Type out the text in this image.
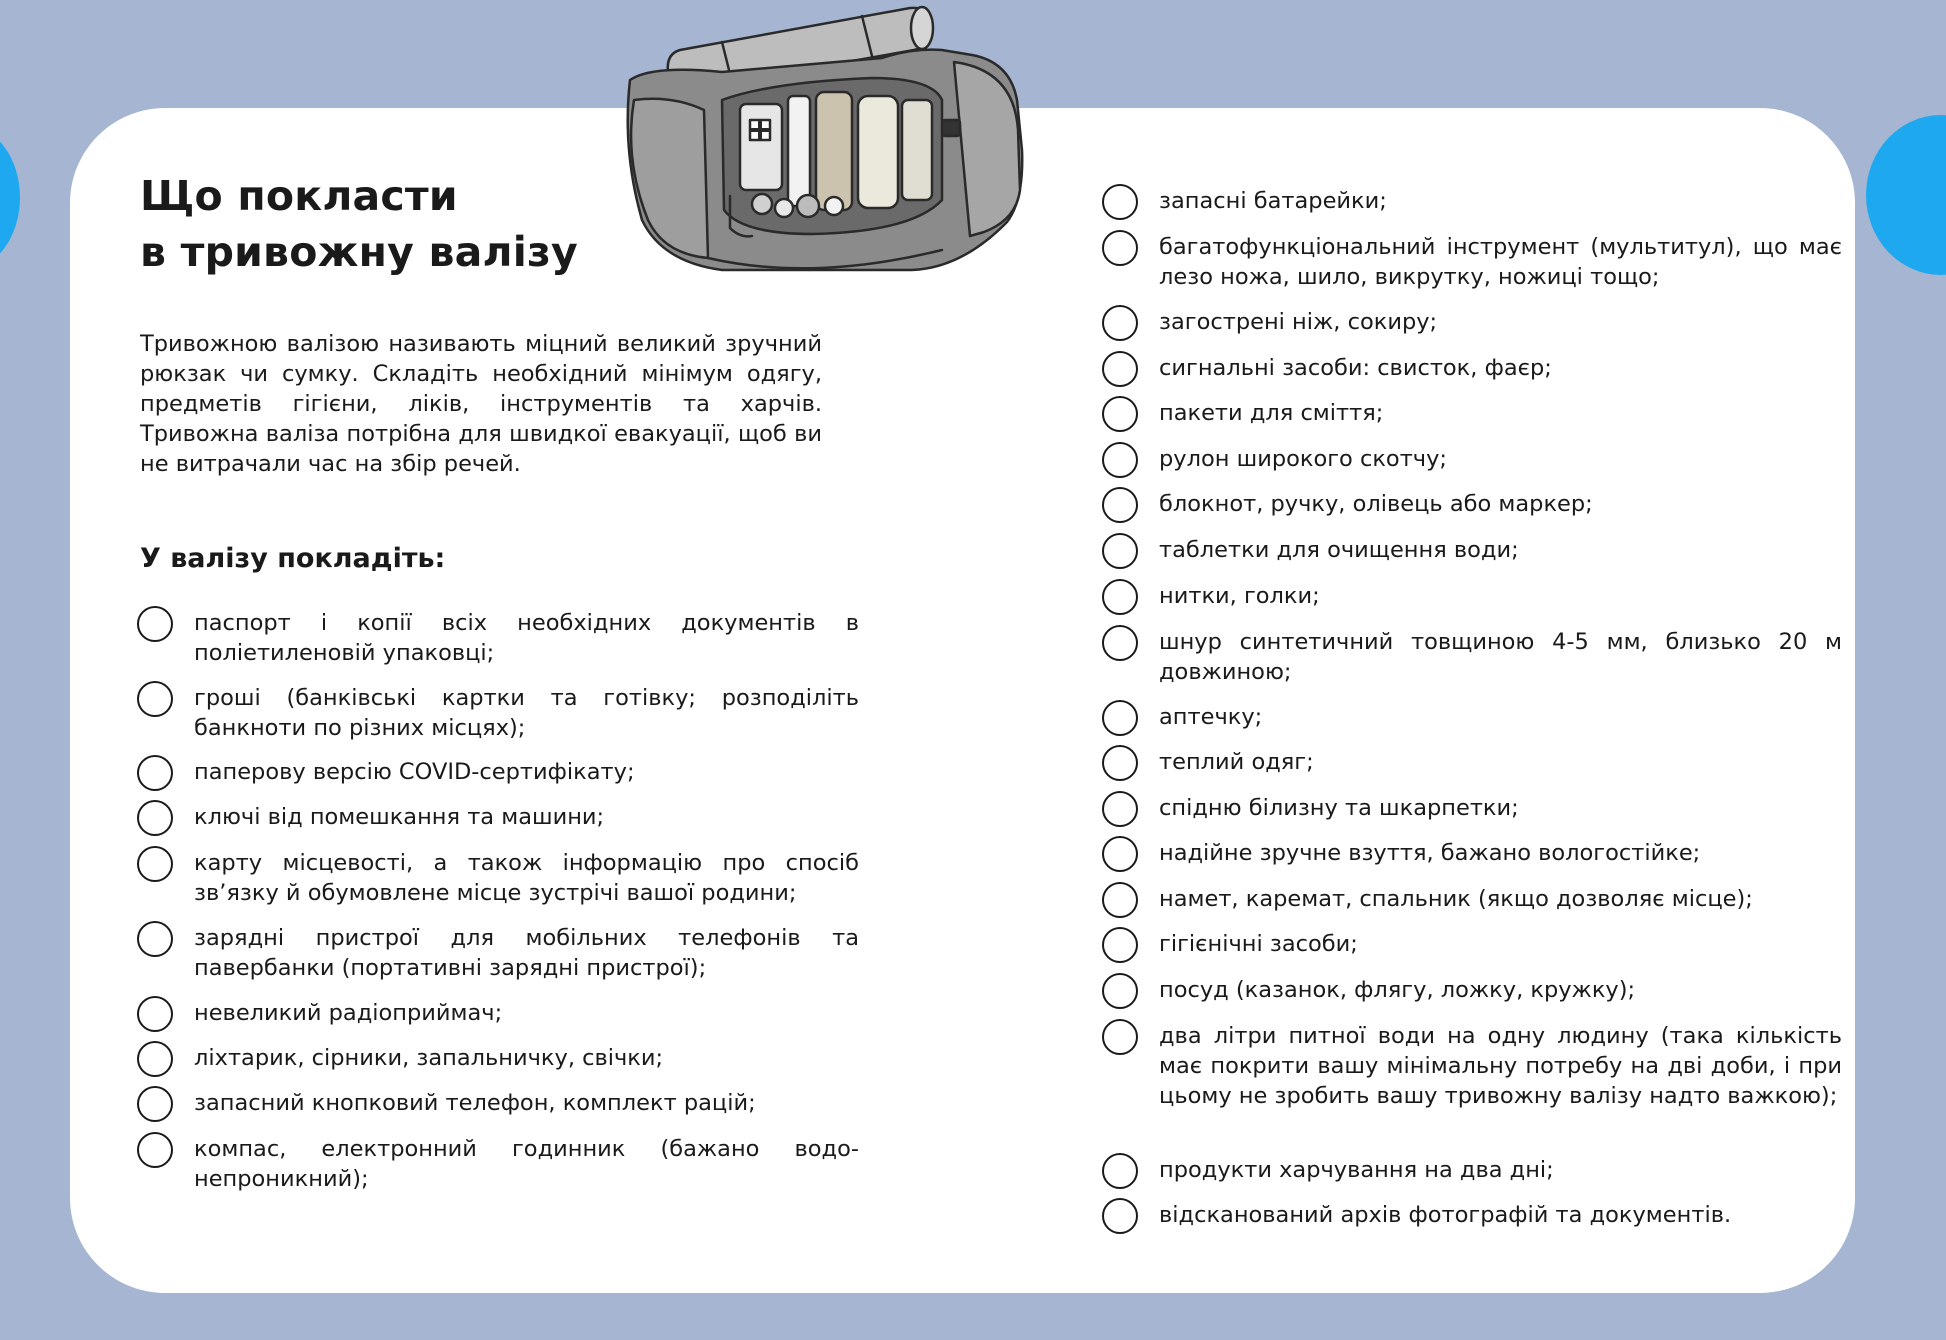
Що покласти
в тривожну валізу

Тривожною валізою називають міцний великий зручний рюкзак чи сумку. Складіть необхідний мінімум одягу, предметів гігієни, ліків, інструментів та харчів. Тривожна валіза потрібна для швидкої евакуації, щоб ви не витрачали час на збір речей.

У валізу покладіть:
паспорт і копії всіх необхідних документів в поліетиленовій упаковці;
гроші (банківські картки та готівку; розподіліть банкноти по різних місцях);
паперову версію COVID-сертифікату;
ключі від помешкання та машини;
карту місцевості, а також інформацію про спосіб зв’язку й обумовлене місце зустрічі вашої родини;
зарядні пристрої для мобільних телефонів та павербанки (портативні зарядні пристрої);
невеликий радіоприймач;
ліхтарик, сірники, запальничку, свічки;
запасний кнопковий телефон, комплект рацій;
компас, електронний годинник (бажано водо-непроникний);
запасні батарейки;
багатофункціональний інструмент (мультитул), що має лезо ножа, шило, викрутку, ножиці тощо;
загострені ніж, сокиру;
сигнальні засоби: свисток, фаєр;
пакети для сміття;
рулон широкого скотчу;
блокнот, ручку, олівець або маркер;
таблетки для очищення води;
нитки, голки;
шнур синтетичний товщиною 4-5 мм, близько 20 м довжиною;
аптечку;
теплий одяг;
спідню білизну та шкарпетки;
надійне зручне взуття, бажано вологостійке;
намет, каремат, спальник (якщо дозволяє місце);
гігієнічні засоби;
посуд (казанок, флягу, ложку, кружку);
два літри питної води на одну людину (така кількість має покрити вашу мінімальну потребу на дві доби, і при цьому не зробить вашу тривожну валізу надто важкою);
продукти харчування на два дні;
відсканований архів фотографій та документів.
